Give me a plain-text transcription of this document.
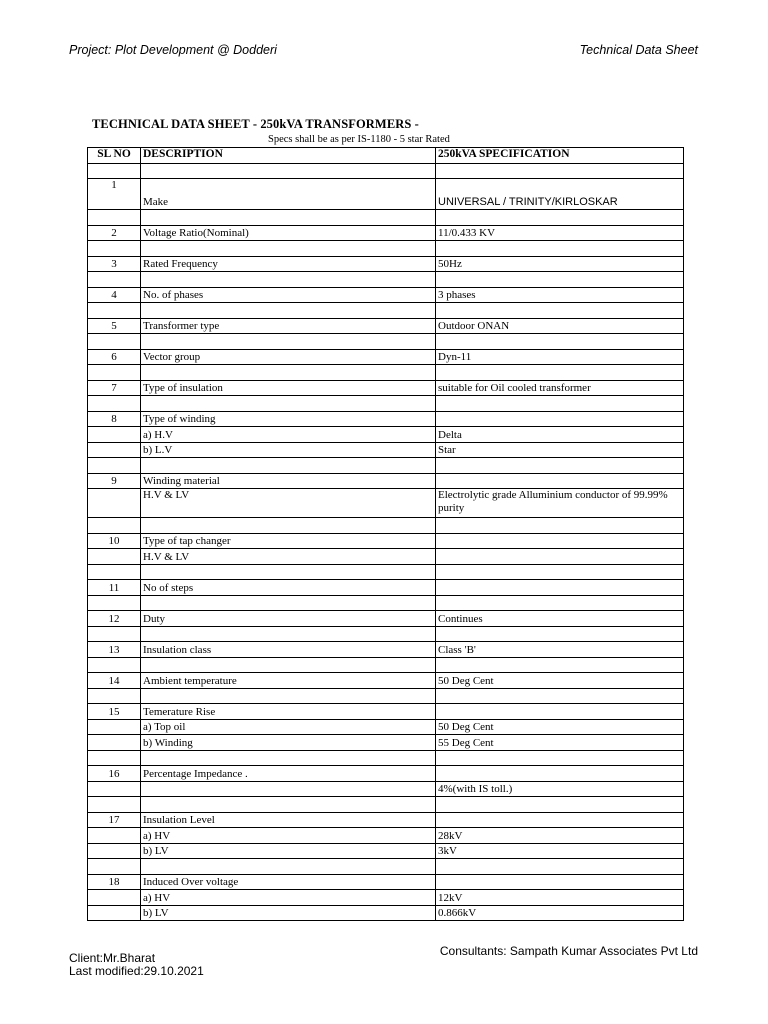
Project: Plot Development @ Dodderi	Technical Data Sheet
TECHNICAL DATA SHEET - 250kVA TRANSFORMERS -
Specs shall be as per IS-1180 - 5 star Rated
SL NO	DESCRIPTION	250kVA SPECIFICATION

1	Make	UNIVERSAL / TRINITY/KIRLOSKAR

2	Voltage Ratio(Nominal)	11/0.433 KV

3	Rated Frequency	50Hz

4	No. of phases	3 phases

5	Transformer type	Outdoor ONAN

6	Vector group	Dyn-11

7	Type of insulation	suitable for Oil cooled transformer

8	Type of winding	
	a) H.V	Delta
	b) L.V	Star

9	Winding material	
	H.V & LV	Electrolytic grade Alluminium conductor of 99.99% purity

10	Type of tap changer	
	H.V & LV	

11	No of steps	

12	Duty	Continues

13	Insulation class	Class 'B'

14	Ambient temperature	50 Deg Cent

15	Temerature Rise	
	a) Top oil	50 Deg Cent
	b) Winding	55 Deg Cent

16	Percentage Impedance .	
		4%(with IS toll.)

17	Insulation Level	
	a) HV	28kV
	b) LV	3kV

18	Induced Over voltage	
	a) HV	12kV
	b) LV	0.866kV
Client:Mr.Bharat
Last modified:29.10.2021
Consultants: Sampath Kumar Associates Pvt Ltd
